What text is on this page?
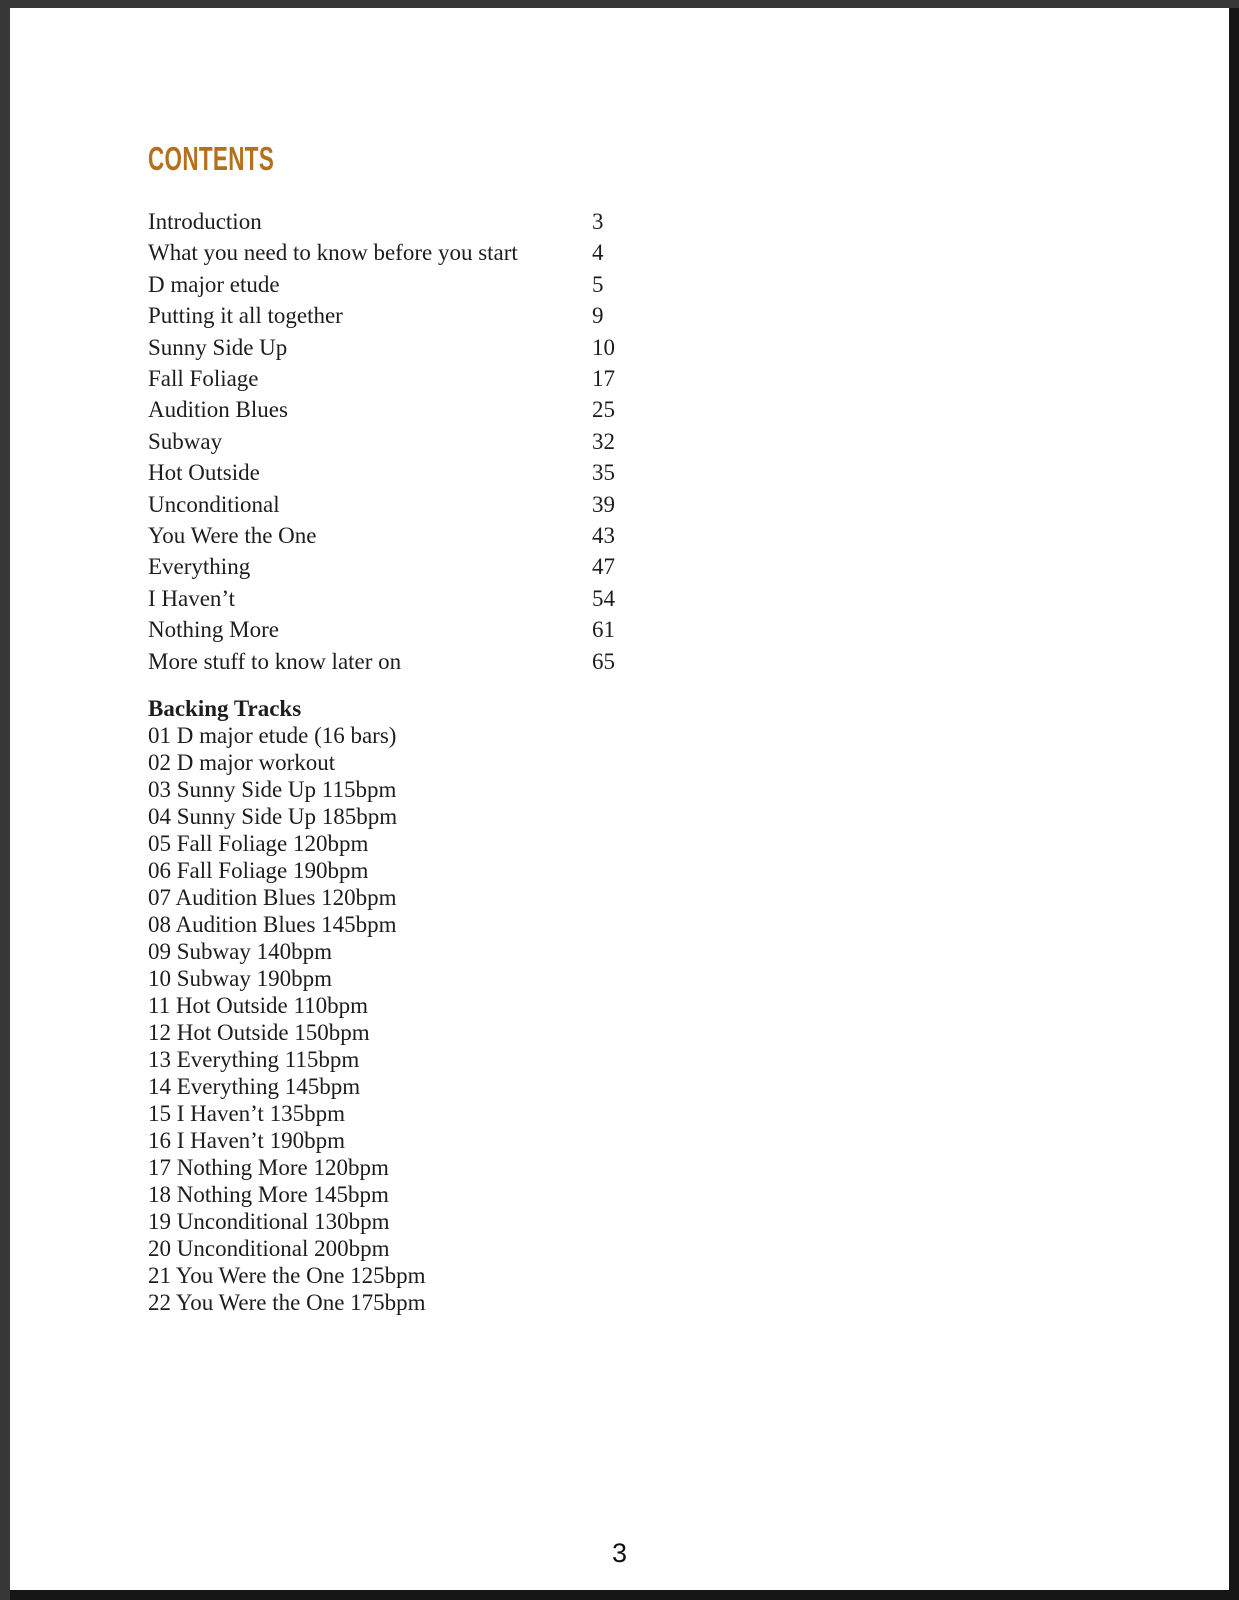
CONTENTS
Introduction	3
What you need to know before you start	4
D major etude	5
Putting it all together	9
Sunny Side Up	10
Fall Foliage	17
Audition Blues	25
Subway	32
Hot Outside	35
Unconditional	39
You Were the One	43
Everything	47
I Haven’t	54
Nothing More	61
More stuff to know later on	65
Backing Tracks
01 D major etude (16 bars)
02 D major workout
03 Sunny Side Up 115bpm
04 Sunny Side Up 185bpm
05 Fall Foliage 120bpm
06 Fall Foliage 190bpm
07 Audition Blues 120bpm
08 Audition Blues 145bpm
09 Subway 140bpm
10 Subway 190bpm
11 Hot Outside 110bpm
12 Hot Outside 150bpm
13 Everything 115bpm
14 Everything 145bpm
15 I Haven’t 135bpm
16 I Haven’t 190bpm
17 Nothing More 120bpm
18 Nothing More 145bpm
19 Unconditional 130bpm
20 Unconditional 200bpm
21 You Were the One 125bpm
22 You Were the One 175bpm
3
